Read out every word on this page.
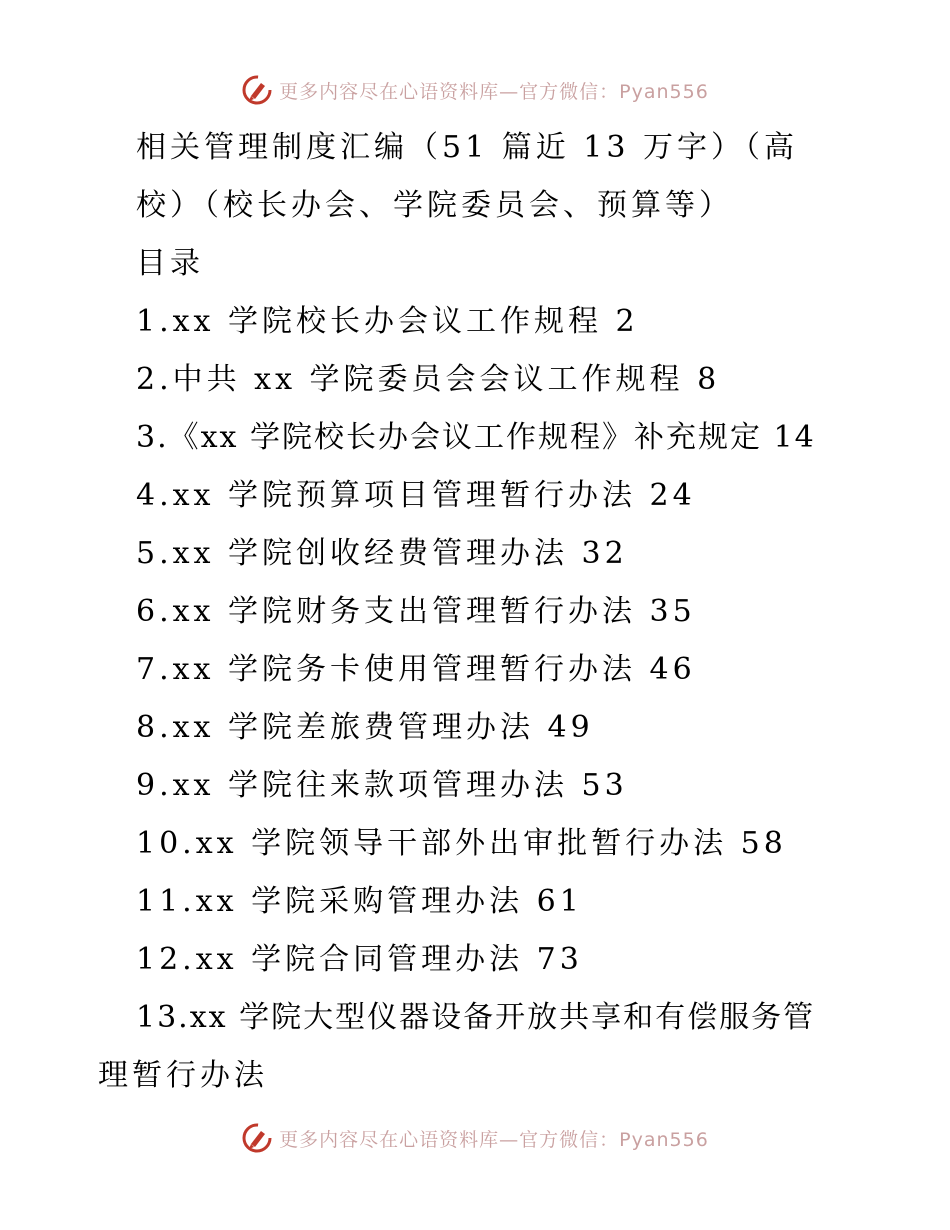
更多内容尽在心语资料库—官方微信：Pyan556
相关管理制度汇编（51 篇近 13 万字）（高
校）（校长办会、学院委员会、预算等）
目录
1.xx 学院校长办会议工作规程 2
2.中共 xx 学院委员会会议工作规程 8
3.《xx 学院校长办会议工作规程》补充规定 14
4.xx 学院预算项目管理暂行办法 24
5.xx 学院创收经费管理办法 32
6.xx 学院财务支出管理暂行办法 35
7.xx 学院务卡使用管理暂行办法 46
8.xx 学院差旅费管理办法 49
9.xx 学院往来款项管理办法 53
10.xx 学院领导干部外出审批暂行办法 58
11.xx 学院采购管理办法 61
12.xx 学院合同管理办法 73
13.xx 学院大型仪器设备开放共享和有偿服务管
理暂行办法
更多内容尽在心语资料库—官方微信：Pyan556
